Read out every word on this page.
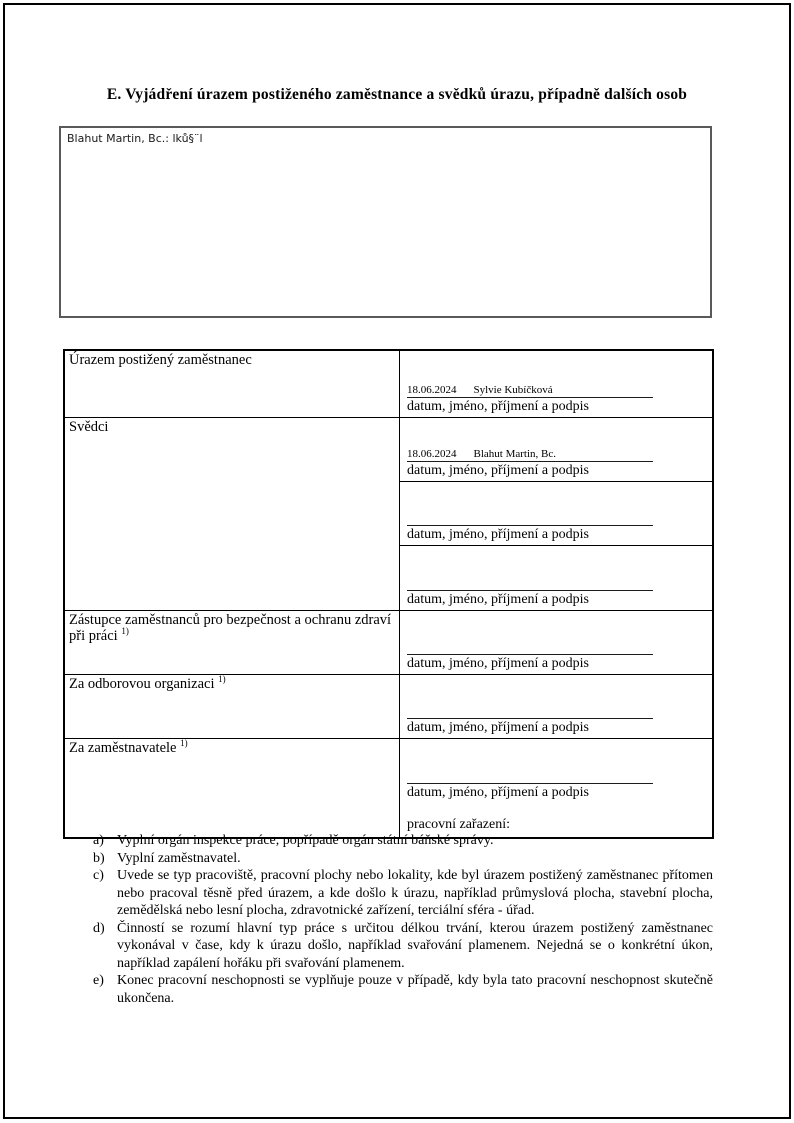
E. Vyjádření úrazem postiženého zaměstnance a svědků úrazu, případně dalších osob
Blahut Martin, Bc.: lků§¨l
Úrazem postižený zaměstnanec	18.06.2024 Sylvie Kubíčková
datum, jméno, příjmení a podpis

Svědci	18.06.2024 Blahut Martin, Bc.
datum, jméno, příjmení a podpis

	datum, jméno, příjmení a podpis

	datum, jméno, příjmení a podpis

Zástupce zaměstnanců pro bezpečnost a ochranu zdraví při práci $^{1)}$	datum, jméno, příjmení a podpis

Za odborovou organizaci $^{1)}$	datum, jméno, příjmení a podpis

Za zaměstnavatele $^{1)}$	datum, jméno, příjmení a podpis
pracovní zařazení:

a) Vyplní orgán inspekce práce, popřípadě orgán státní báňské správy.

b) Vyplní zaměstnavatel.

c) Uvede se typ pracoviště, pracovní plochy nebo lokality, kde byl úrazem postižený zaměstnanec přítomen nebo pracoval těsně před úrazem, a kde došlo k úrazu, například průmyslová plocha, stavební plocha, zemědělská nebo lesní plocha, zdravotnické zařízení, terciální sféra - úřad.

d) Činností se rozumí hlavní typ práce s určitou délkou trvání, kterou úrazem postižený zaměstnanec vykonával v čase, kdy k úrazu došlo, například svařování plamenem. Nejedná se o konkrétní úkon, například zapálení hořáku při svařování plamenem.

e) Konec pracovní neschopnosti se vyplňuje pouze v případě, kdy byla tato pracovní neschopnost skutečně ukončena.
